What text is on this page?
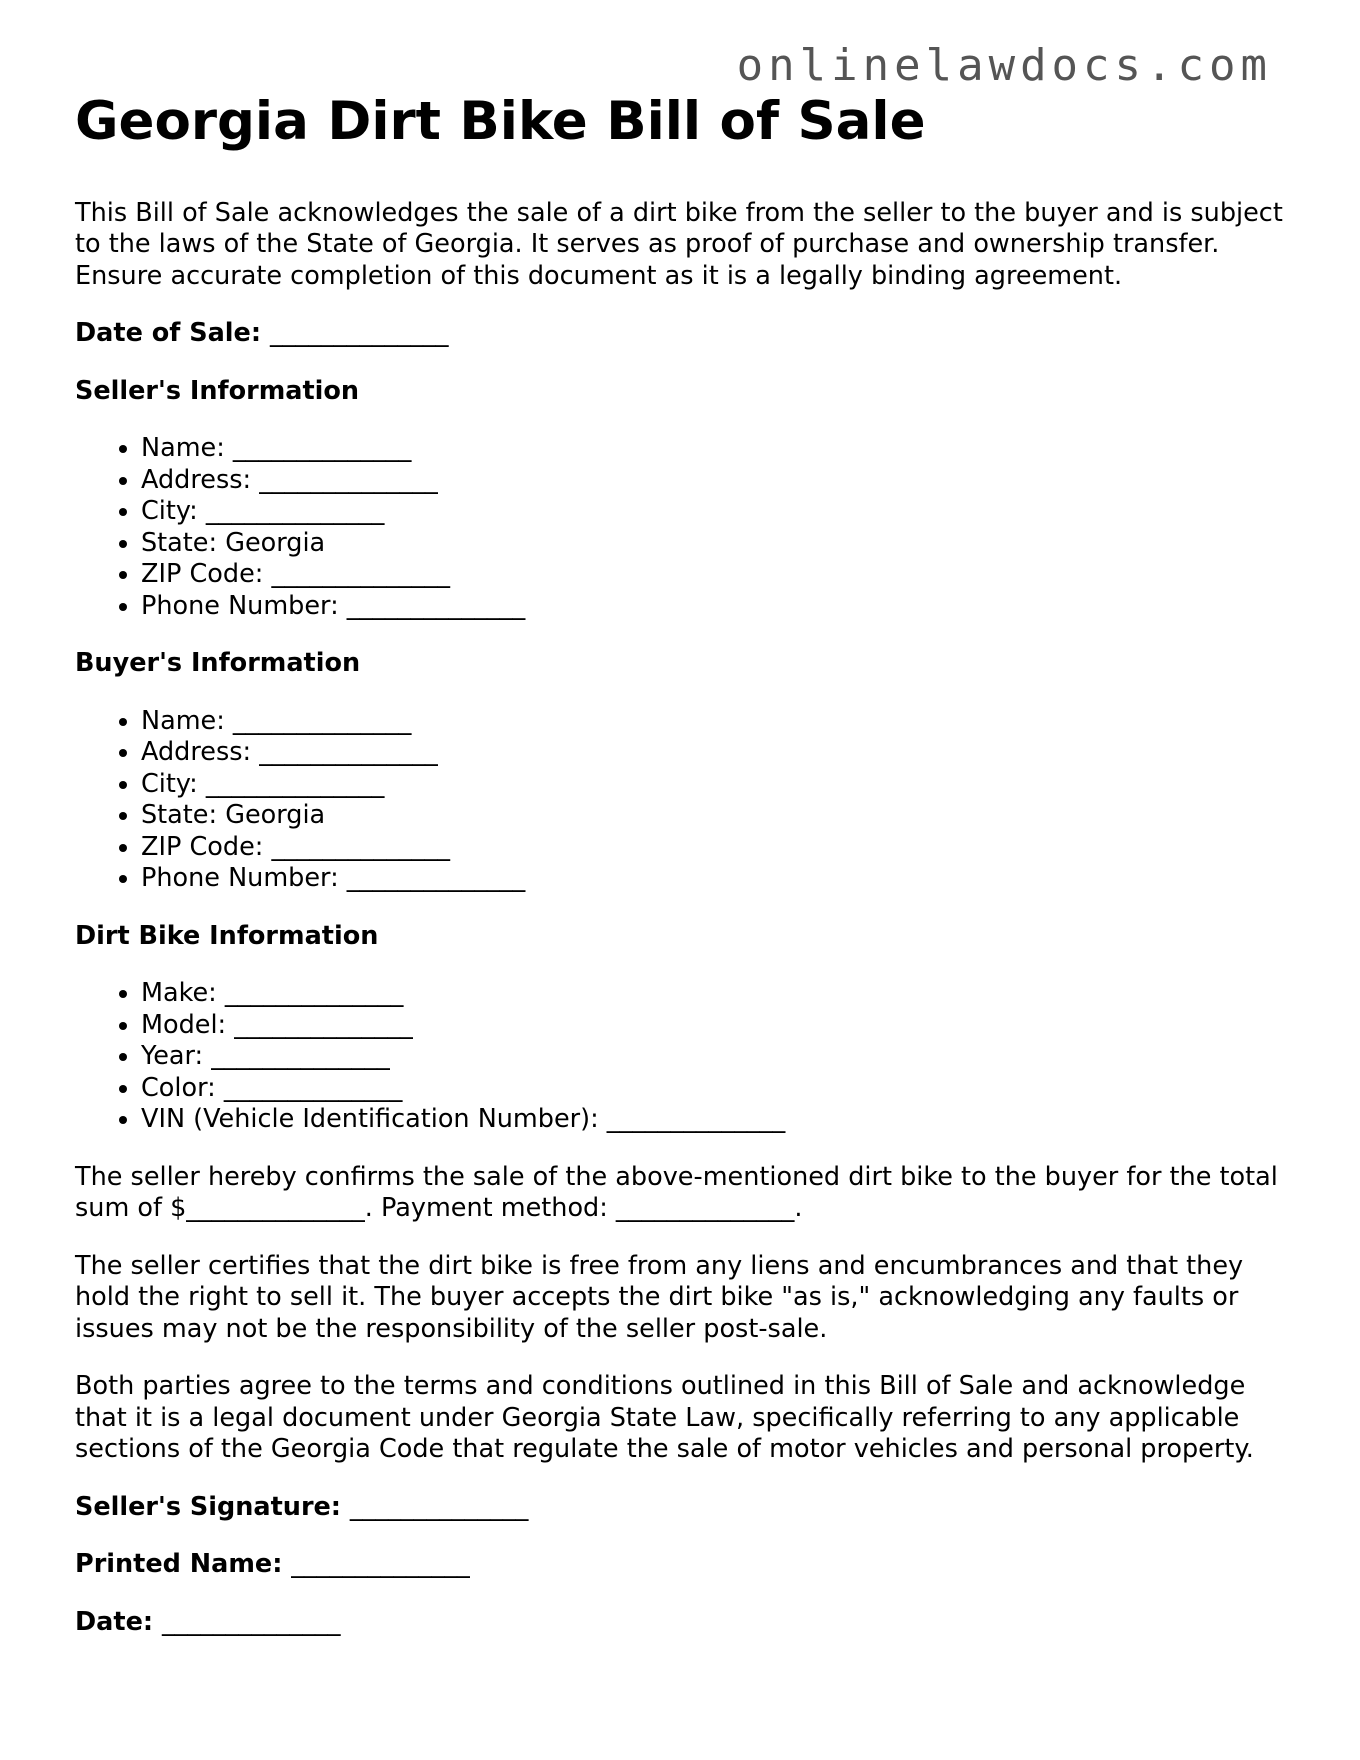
onlinelawdocs.com
Georgia Dirt Bike Bill of Sale

This Bill of Sale acknowledges the sale of a dirt bike from the seller to the buyer and is subject to the laws of the State of Georgia. It serves as proof of purchase and ownership transfer. Ensure accurate completion of this document as it is a legally binding agreement.

Date of Sale: ______________

Seller's Information
• Name: ______________
• Address: ______________
• City: ______________
• State: Georgia
• ZIP Code: ______________
• Phone Number: ______________
Buyer's Information
• Name: ______________
• Address: ______________
• City: ______________
• State: Georgia
• ZIP Code: ______________
• Phone Number: ______________
Dirt Bike Information
• Make: ______________
• Model: ______________
• Year: ______________
• Color: ______________
• VIN (Vehicle Identification Number): ______________

The seller hereby confirms the sale of the above-mentioned dirt bike to the buyer for the total sum of $______________. Payment method: ______________.

The seller certifies that the dirt bike is free from any liens and encumbrances and that they hold the right to sell it. The buyer accepts the dirt bike "as is," acknowledging any faults or issues may not be the responsibility of the seller post-sale.

Both parties agree to the terms and conditions outlined in this Bill of Sale and acknowledge that it is a legal document under Georgia State Law, specifically referring to any applicable sections of the Georgia Code that regulate the sale of motor vehicles and personal property.

Seller's Signature: ______________

Printed Name: ______________

Date: ______________
